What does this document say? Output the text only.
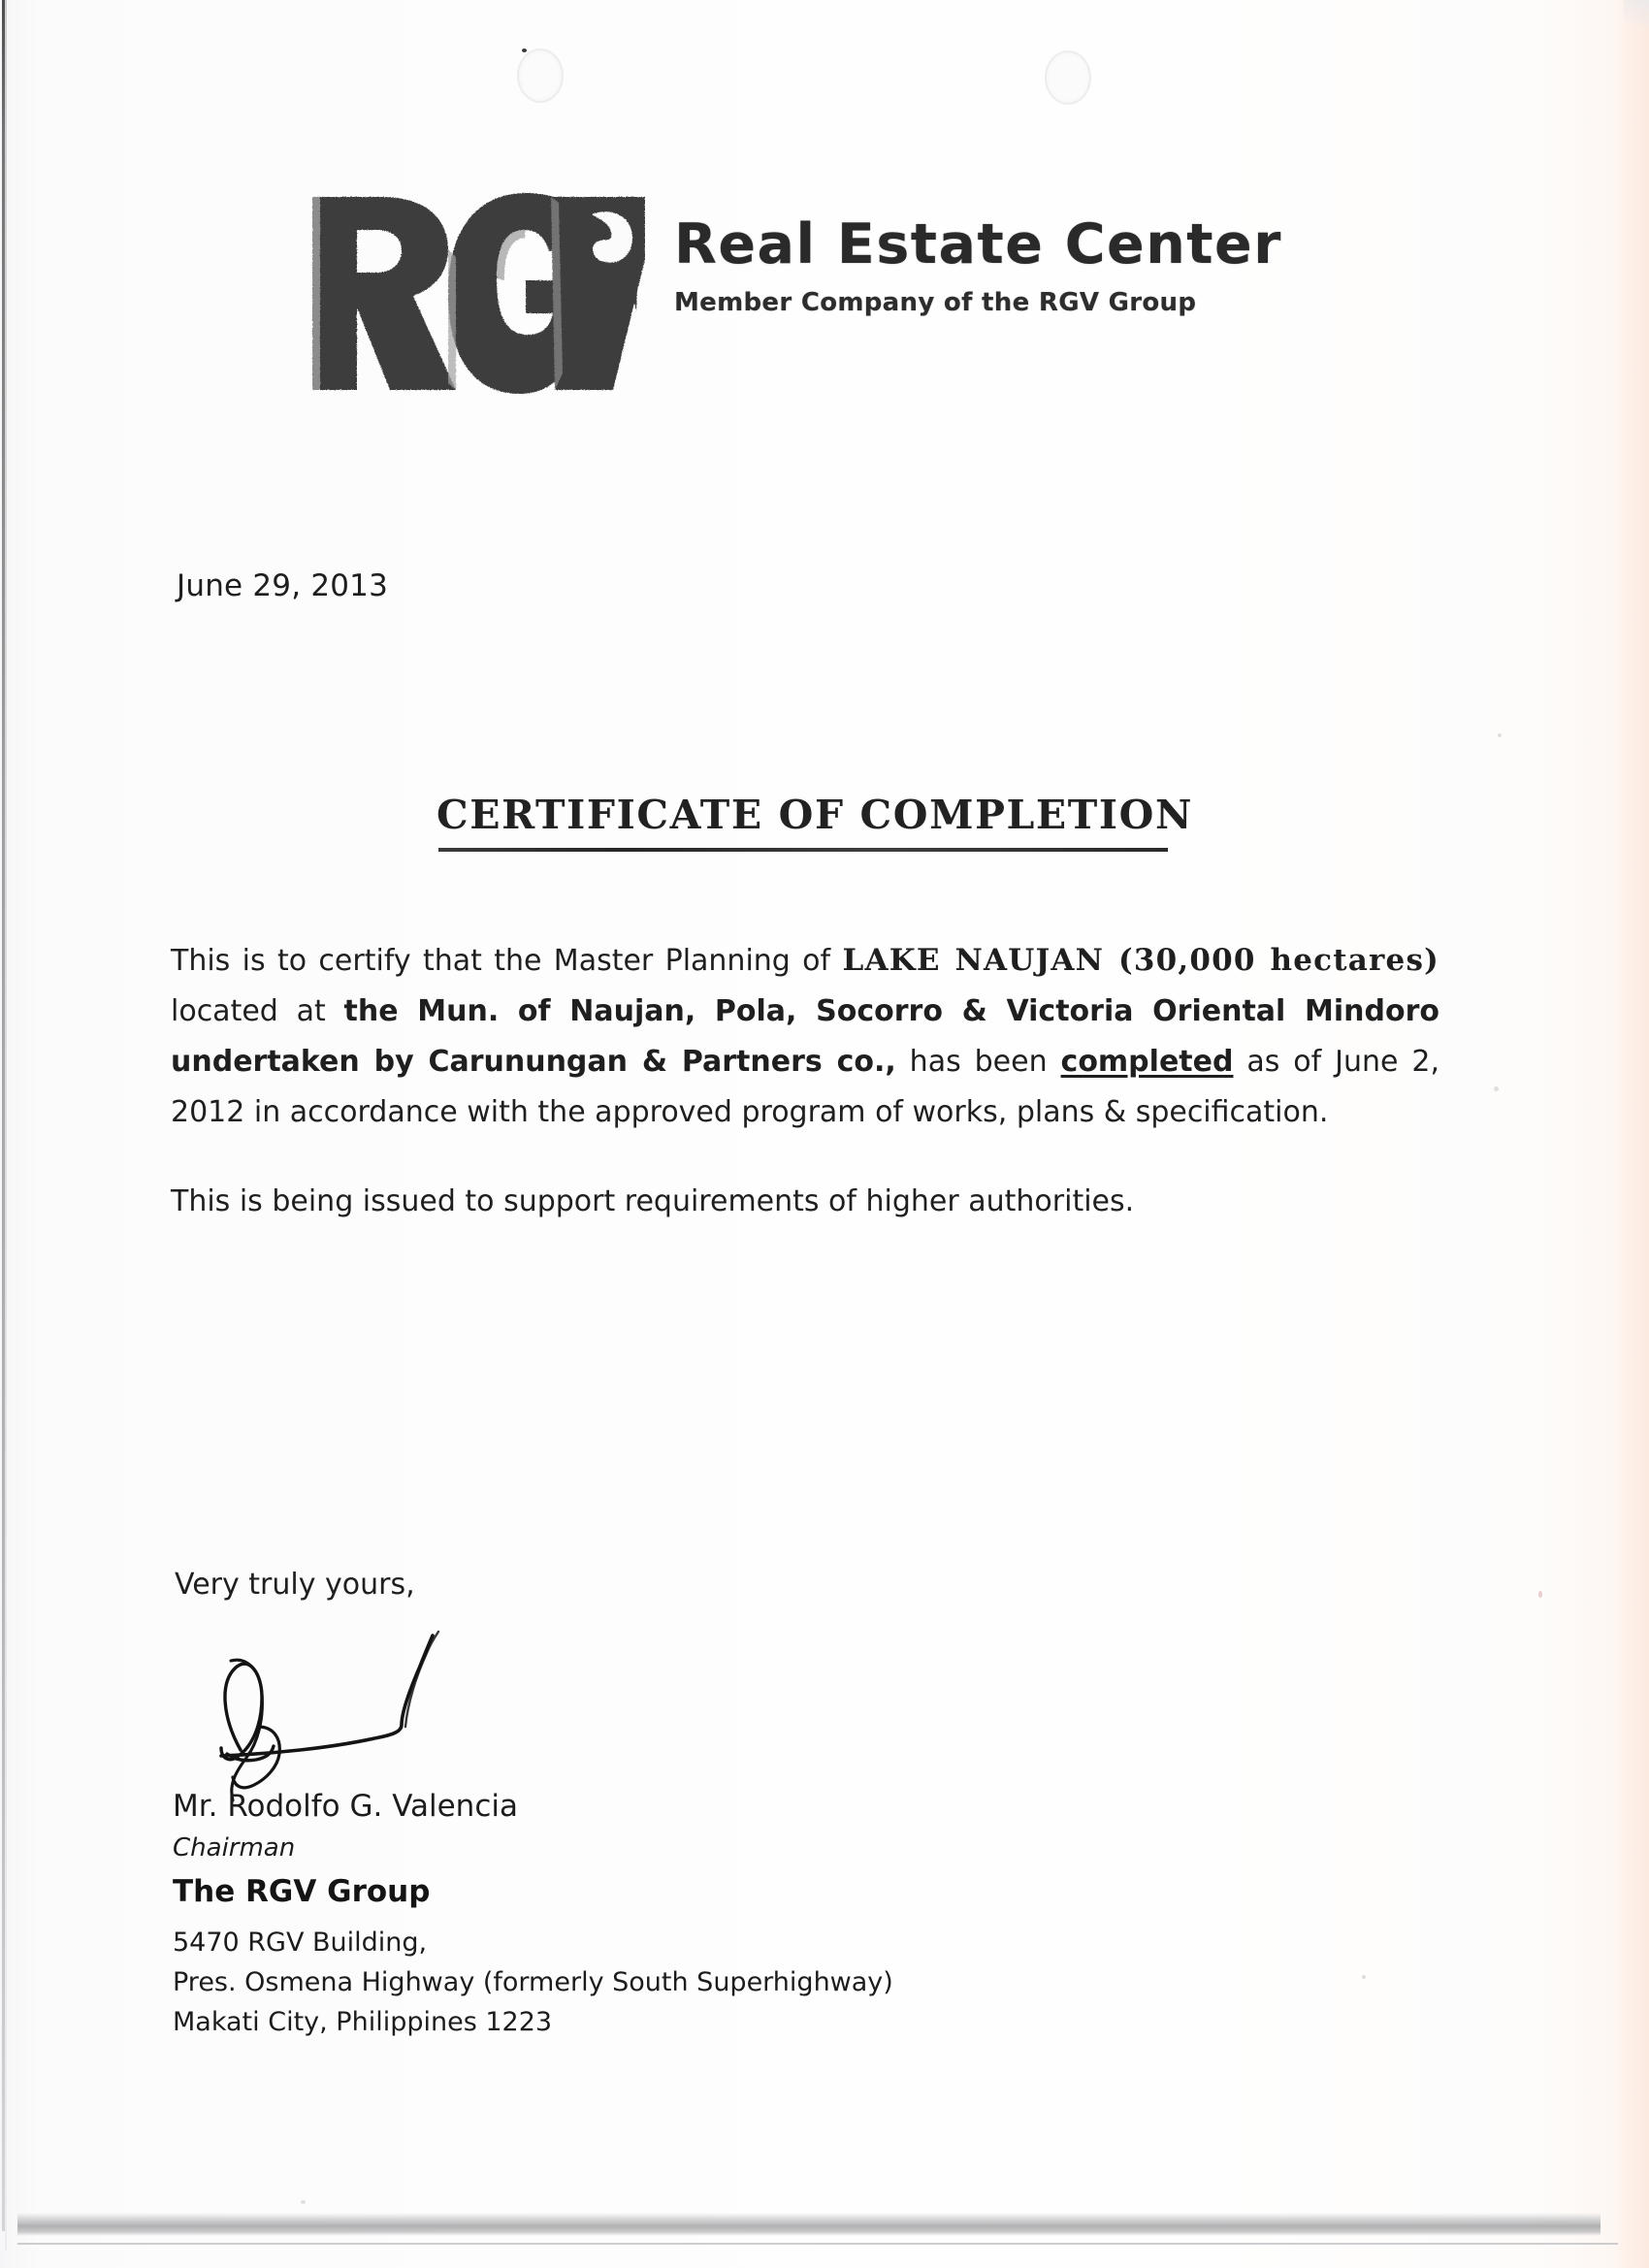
Real Estate Center
Member Company of the RGV Group
June 29, 2013
CERTIFICATE OF COMPLETION

This is to certify that the Master Planning of LAKE NAUJAN (30,000 hectares) located at the Mun. of Naujan, Pola, Socorro & Victoria Oriental Mindoro undertaken by Carunungan & Partners co., has been completed as of June 2, 2012 in accordance with the approved program of works, plans & specification.

This is being issued to support requirements of higher authorities.

Very truly yours,
Mr. Rodolfo G. Valencia
Chairman
The RGV Group
5470 RGV Building,
Pres. Osmena Highway (formerly South Superhighway)
Makati City, Philippines 1223
